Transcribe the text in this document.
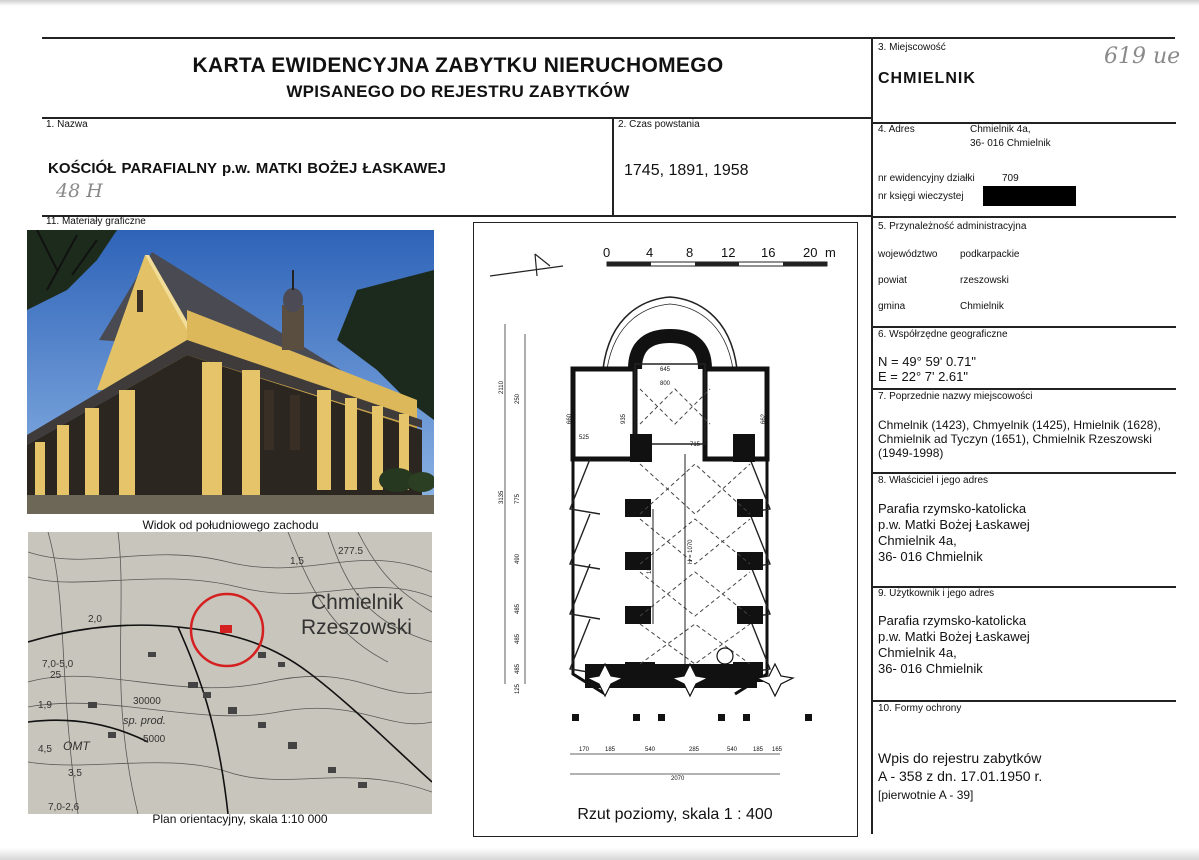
KARTA EWIDENCYJNA ZABYTKU NIERUCHOMEGO
WPISANEGO DO REJESTRU ZABYTKÓW
3. Miejscowość
CHMIELNIK
619 ue
1. Nazwa
KOŚCIÓŁ PARAFIALNY p.w. MATKI BOŻEJ ŁASKAWEJ
48 H
2. Czas powstania
1745, 1891, 1958
4. Adres	Chmielnik 4a,
36- 016 Chmielnik
nr ewidencyjny działki	709
nr księgi wieczystej
11. Materiały graficzne
Widok od południowego zachodu
Chmielnik
Rzeszowski
277.5
7,0-5,0
30000
sp. prod.
5000
OMT
3,5
7,0-2,6
4,5
1,9
25
1,5
2,0
Plan orientacyjny, skala 1:10 000
0	4	8 12 16 20 m
645
800
715
2110
250
3135 775
490
485
485
485
125
660
525
935	662
530
H = 1070
1860
170	185	540	285	540	185 165
2070
Rzut poziomy, skala 1 : 400
5. Przynależność administracyjna
województwo podkarpackie
powiat	rzeszowski
gmina	Chmielnik
6. Współrzędne geograficzne
N = 49° 59' 0.71"
E = 22° 7' 2.61"
7. Poprzednie nazwy miejscowości
Chmelnik (1423), Chmyelnik (1425), Hmielnik (1628), Chmielnik ad Tyczyn (1651), Chmielnik Rzeszowski (1949-1998)
8. Właściciel i jego adres
Parafia rzymsko-katolicka
p.w. Matki Bożej Łaskawej
Chmielnik 4a,
36- 016 Chmielnik
9. Użytkownik i jego adres
Parafia rzymsko-katolicka
p.w. Matki Bożej Łaskawej
Chmielnik 4a,
36- 016 Chmielnik
10. Formy ochrony
Wpis do rejestru zabytków
A - 358 z dn. 17.01.1950 r.
[pierwotnie A - 39]
